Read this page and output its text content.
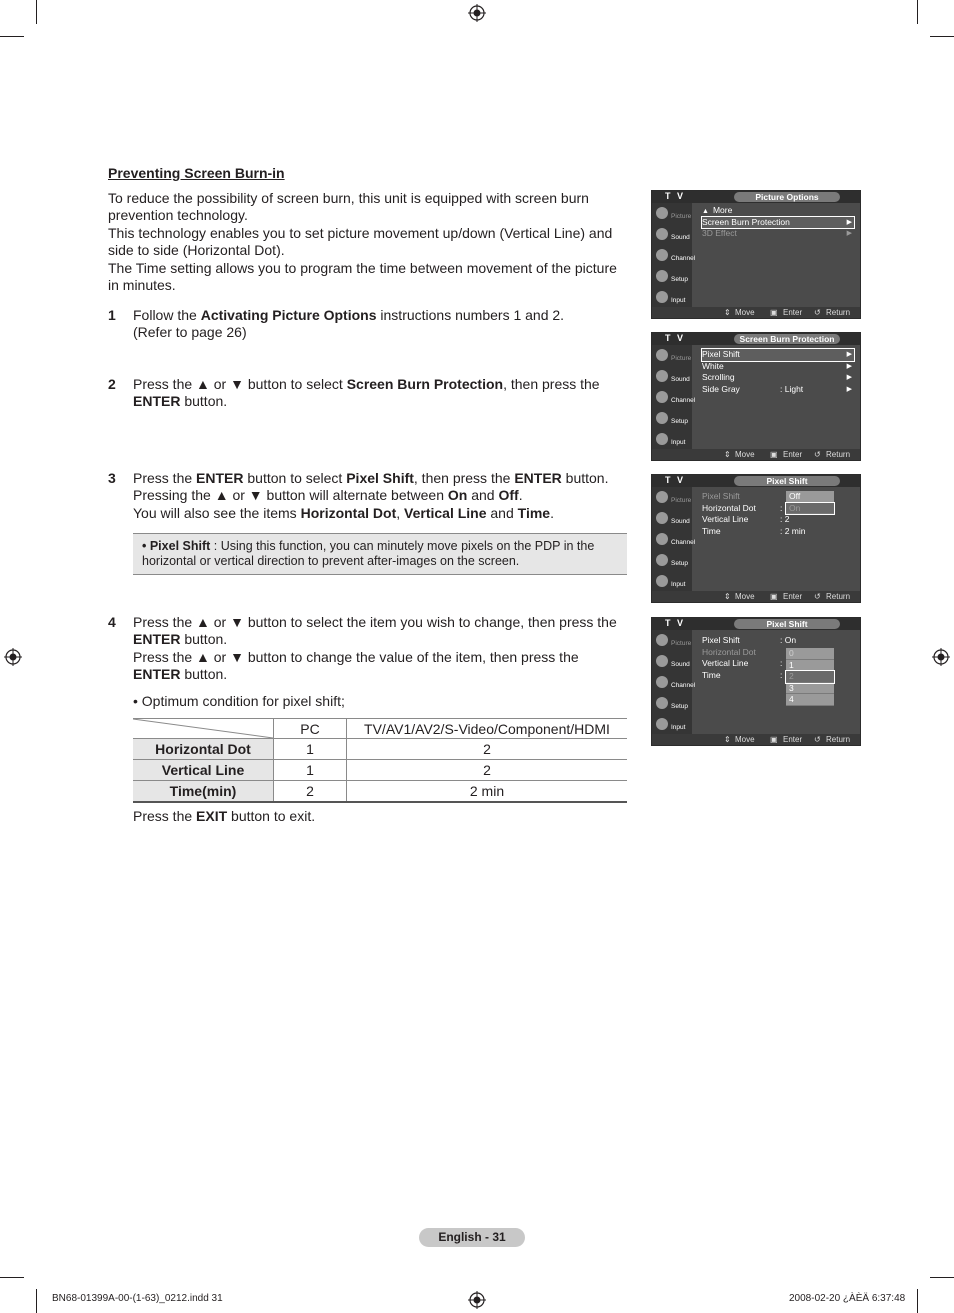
Preventing Screen Burn-in

To reduce the possibility of screen burn, this unit is equipped with screen burn prevention technology.

This technology enables you to set picture movement up/down (Vertical Line) and side to side (Horizontal Dot).

The Time setting allows you to program the time between movement of the picture in minutes.

1 Follow the Activating Picture Options instructions numbers 1 and 2.

(Refer to page 26)

2 Press the ▲ or ▼ button to select Screen Burn Protection, then press the ENTER button.

3 Press the ENTER button to select Pixel Shift, then press the ENTER button.

Pressing the ▲ or ▼ button will alternate between On and Off.

You will also see the items Horizontal Dot, Vertical Line and Time.

• Pixel Shift : Using this function, you can minutely move pixels on the PDP in the horizontal or vertical direction to prevent after-images on the screen.
4 Press the ▲ or ▼ button to select the item you wish to change, then press the ENTER button.

Press the ▲ or ▼ button to change the value of the item, then press the ENTER button.

• Optimum condition for pixel shift;

	PC	TV/AV1/AV2/S-Video/Component/HDMI
Horizontal Dot	1	2
Vertical Line	1	2
Time(min)	2	2 min

Press the EXIT button to exit.

T V	Picture Options
Picture
Sound
Channel
Setup
Input
▲ More
Screen Burn Protection	▶
3D Effect	▶
⇕ Move ▣ Enter ↺ Return
T V	Screen Burn Protection
Picture
Sound
Channel
Setup
Input
Pixel Shift	▶
White	▶
Scrolling	▶
Side Gray	: Light	▶
⇕ Move ▣ Enter ↺ Return
T V	Pixel Shift
Picture
Sound
Channel
Setup
Input
Pixel Shift
Horizontal Dot	:
Vertical Line	: 2
Time	: 2 min
Off
On
⇕ Move ▣ Enter ↺ Return
T V	Pixel Shift
Picture
Sound
Channel
Setup
Input
Pixel Shift	: On
Horizontal Dot
Vertical Line	:
Time	:
0
1
2
3
4
⇕ Move ▣ Enter ↺ Return
English - 31
BN68-01399A-00-(1-63)_0212.indd 31	2008-02-20 ¿ÀÈÄ 6:37:48
